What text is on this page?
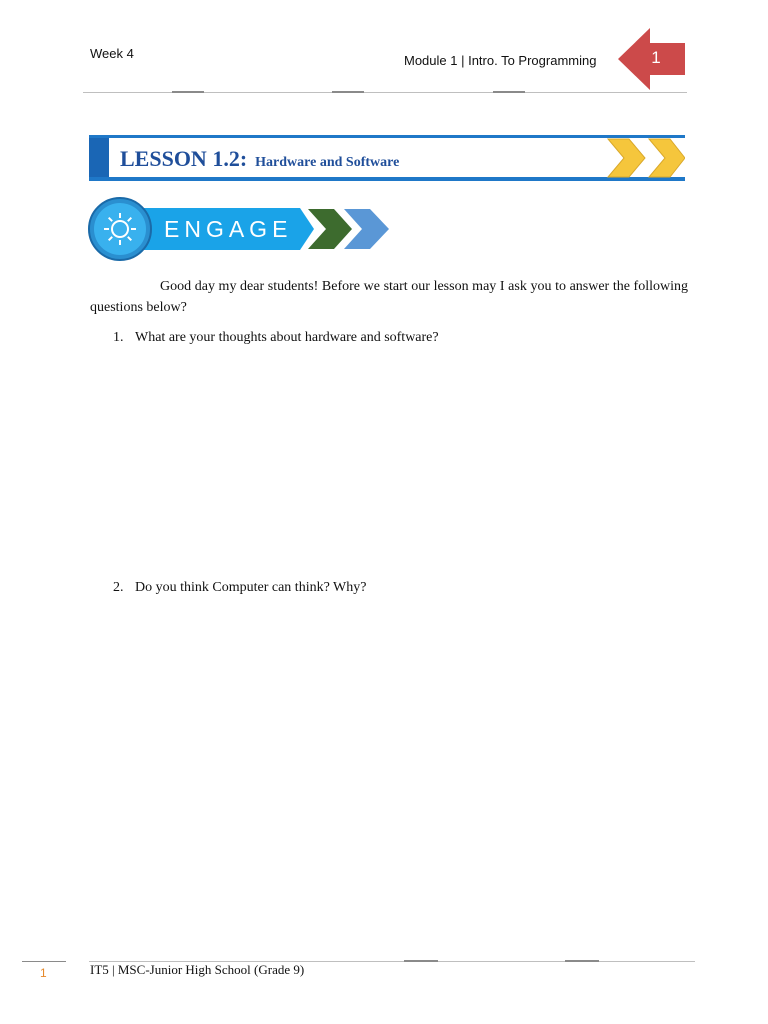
Week 4	Module 1 | Intro. To Programming	1
LESSON 1.2: Hardware and Software
ENGAGE
Good day my dear students! Before we start our lesson may I ask you to answer the following questions below?
1. What are your thoughts about hardware and software?
2. Do you think Computer can think? Why?
1	IT5 | MSC-Junior High School (Grade 9)
